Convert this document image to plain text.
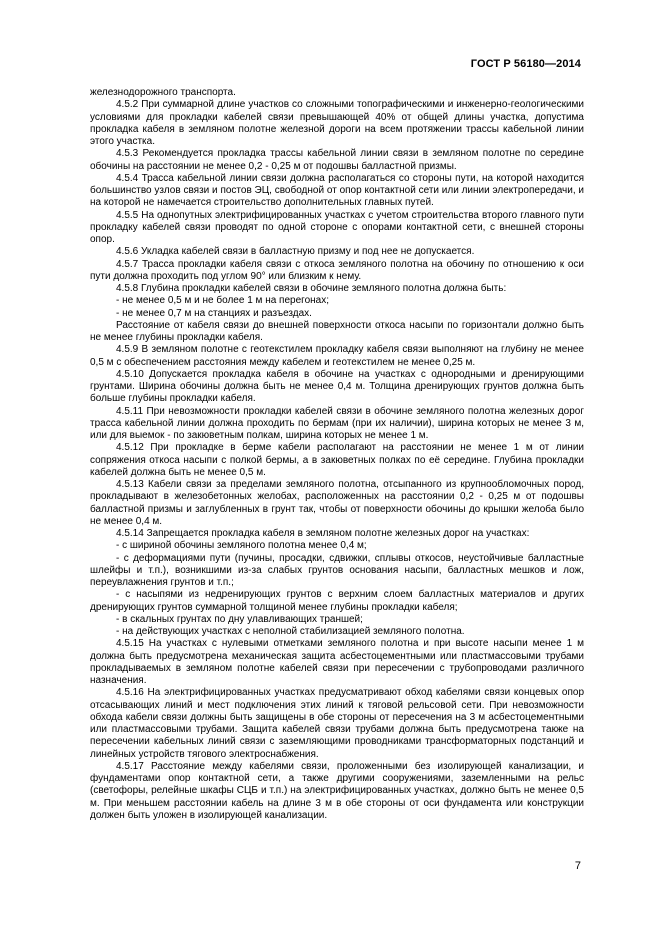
ГОСТ Р 56180—2014

железнодорожного транспорта.

4.5.2 При суммарной длине участков со сложными топографическими и инженерно-геологическими условиями для прокладки кабелей связи превышающей 40% от общей длины участка, допустима прокладка кабеля в земляном полотне железной дороги на всем протяжении трассы кабельной линии этого участка.

4.5.3 Рекомендуется прокладка трассы кабельной линии связи в земляном полотне по середине обочины на расстоянии не менее 0,2 - 0,25 м от подошвы балластной призмы.

4.5.4 Трасса кабельной линии связи должна располагаться со стороны пути, на которой находится большинство узлов связи и постов ЭЦ, свободной от опор контактной сети или линии электропередачи, и на которой не намечается строительство дополнительных главных путей.

4.5.5 На однопутных электрифицированных участках с учетом строительства второго главного пути прокладку кабелей связи проводят по одной стороне с опорами контактной сети, с внешней стороны опор.

4.5.6 Укладка кабелей связи в балластную призму и под нее не допускается.

4.5.7 Трасса прокладки кабеля связи с откоса земляного полотна на обочину по отношению к оси пути должна проходить под углом 90° или близким к нему.

4.5.8 Глубина прокладки кабелей связи в обочине земляного полотна должна быть:

- не менее 0,5 м и не более 1 м на перегонах;

- не менее 0,7 м на станциях и разъездах.

Расстояние от кабеля связи до внешней поверхности откоса насыпи по горизонтали должно быть не менее глубины прокладки кабеля.

4.5.9 В земляном полотне с геотекстилем прокладку кабеля связи выполняют на глубину не менее 0,5 м с обеспечением расстояния между кабелем и геотекстилем не менее 0,25 м.

4.5.10 Допускается прокладка кабеля в обочине на участках с однородными и дренирующими грунтами. Ширина обочины должна быть не менее 0,4 м. Толщина дренирующих грунтов должна быть больше глубины прокладки кабеля.

4.5.11 При невозможности прокладки кабелей связи в обочине земляного полотна железных дорог трасса кабельной линии должна проходить по бермам (при их наличии), ширина которых не менее 3 м, или для выемок - по закюветным полкам, ширина которых не менее 1 м.

4.5.12 При прокладке в берме кабели располагают на расстоянии не менее 1 м от линии сопряжения откоса насыпи с полкой бермы, а в закюветных полках по её середине. Глубина прокладки кабелей должна быть не менее 0,5 м.

4.5.13 Кабели связи за пределами земляного полотна, отсыпанного из крупнообломочных пород, прокладывают в железобетонных желобах, расположенных на расстоянии 0,2 - 0,25 м от подошвы балластной призмы и заглубленных в грунт так, чтобы от поверхности обочины до крышки желоба было не менее 0,4 м.

4.5.14 Запрещается прокладка кабеля в земляном полотне железных дорог на участках:

- с шириной обочины земляного полотна менее 0,4 м;

- с деформациями пути (пучины, просадки, сдвижки, сплывы откосов, неустойчивые балластные шлейфы и т.п.), возникшими из-за слабых грунтов основания насыпи, балластных мешков и лож, переувлажнения грунтов и т.п.;

- с насыпями из недренирующих грунтов с верхним слоем балластных материалов и других дренирующих грунтов суммарной толщиной менее глубины прокладки кабеля;

- в скальных грунтах по дну улавливающих траншей;

- на действующих участках с неполной стабилизацией земляного полотна.

4.5.15 На участках с нулевыми отметками земляного полотна и при высоте насыпи менее 1 м должна быть предусмотрена механическая защита асбестоцементными или пластмассовыми трубами прокладываемых в земляном полотне кабелей связи при пересечении с трубопроводами различного назначения.

4.5.16 На электрифицированных участках предусматривают обход кабелями связи концевых опор отсасывающих линий и мест подключения этих линий к тяговой рельсовой сети. При невозможности обхода кабели связи должны быть защищены в обе стороны от пересечения на 3 м асбестоцементными или пластмассовыми трубами. Защита кабелей связи трубами должна быть предусмотрена также на пересечении кабельных линий связи с заземляющими проводниками трансформаторных подстанций и линейных устройств тягового электроснабжения.

4.5.17 Расстояние между кабелями связи, проложенными без изолирующей канализации, и фундаментами опор контактной сети, а также другими сооружениями, заземленными на рельс (светофоры, релейные шкафы СЦБ и т.п.) на электрифицированных участках, должно быть не менее 0,5 м. При меньшем расстоянии кабель на длине 3 м в обе стороны от оси фундамента или конструкции должен быть уложен в изолирующей канализации.

7
